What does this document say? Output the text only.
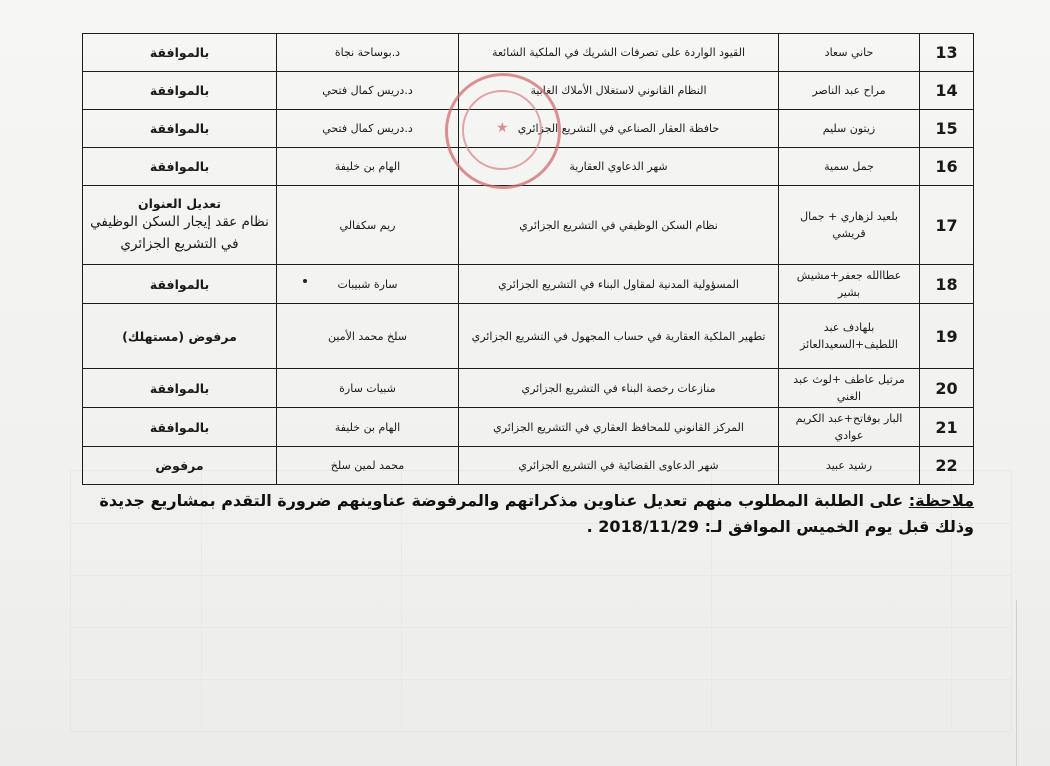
13	حاني سعاد	القيود الواردة على تصرفات الشريك في الملكية الشائعة	د.بوساحة نجاة	بالموافقة
14	مراح عبد الناصر	النظام القانوني لاستغلال الأملاك الغابية	د.دريس كمال فتحي	بالموافقة
15	زيتون سليم	حافظة العقار الصناعي في التشريع الجزائري	د.دريس كمال فتحي	بالموافقة
16	جمل سمية	شهر الدعاوي العقارية	الهام بن خليفة	بالموافقة
17	بلعيد لزهاري + جمال قريشي	نظام السكن الوظيفي في التشريع الجزائري	ريم سكفالي	تعديل العنوان
نظام عقد إيجار السكن الوظيفي في التشريع الجزائري

18	عطاالله جعفر+مشيش بشير	المسؤولية المدنية لمقاول البناء في التشريع الجزائري	سارة شبيبات	بالموافقة
19	بلهادف عبد اللطيف+السعيدالعائز	تطهير الملكية العقارية في حساب المجهول في التشريع الجزائري	سلخ محمد الأمين	مرفوض (مستهلك)
20	مرتيل عاطف +لوث عبد الغني	منازعات رخصة البناء في التشريع الجزائري	شبيات سارة	بالموافقة
21	البار بوفاتح+عبد الكريم عوادي	المركز القانوني للمحافظ العقاري في التشريع الجزائري	الهام بن خليفة	بالموافقة
22	رشيد عبيد	شهر الدعاوى القضائية في التشريع الجزائري	محمد لمين سلخ	مرفوض
★
ملاحظة: على الطلبة المطلوب منهم تعديل عناوين مذكراتهم والمرفوضة عناوينهم ضرورة التقدم بمشاريع جديدة وذلك قبل يوم الخميس الموافق لـ: 2018/11/29 .
